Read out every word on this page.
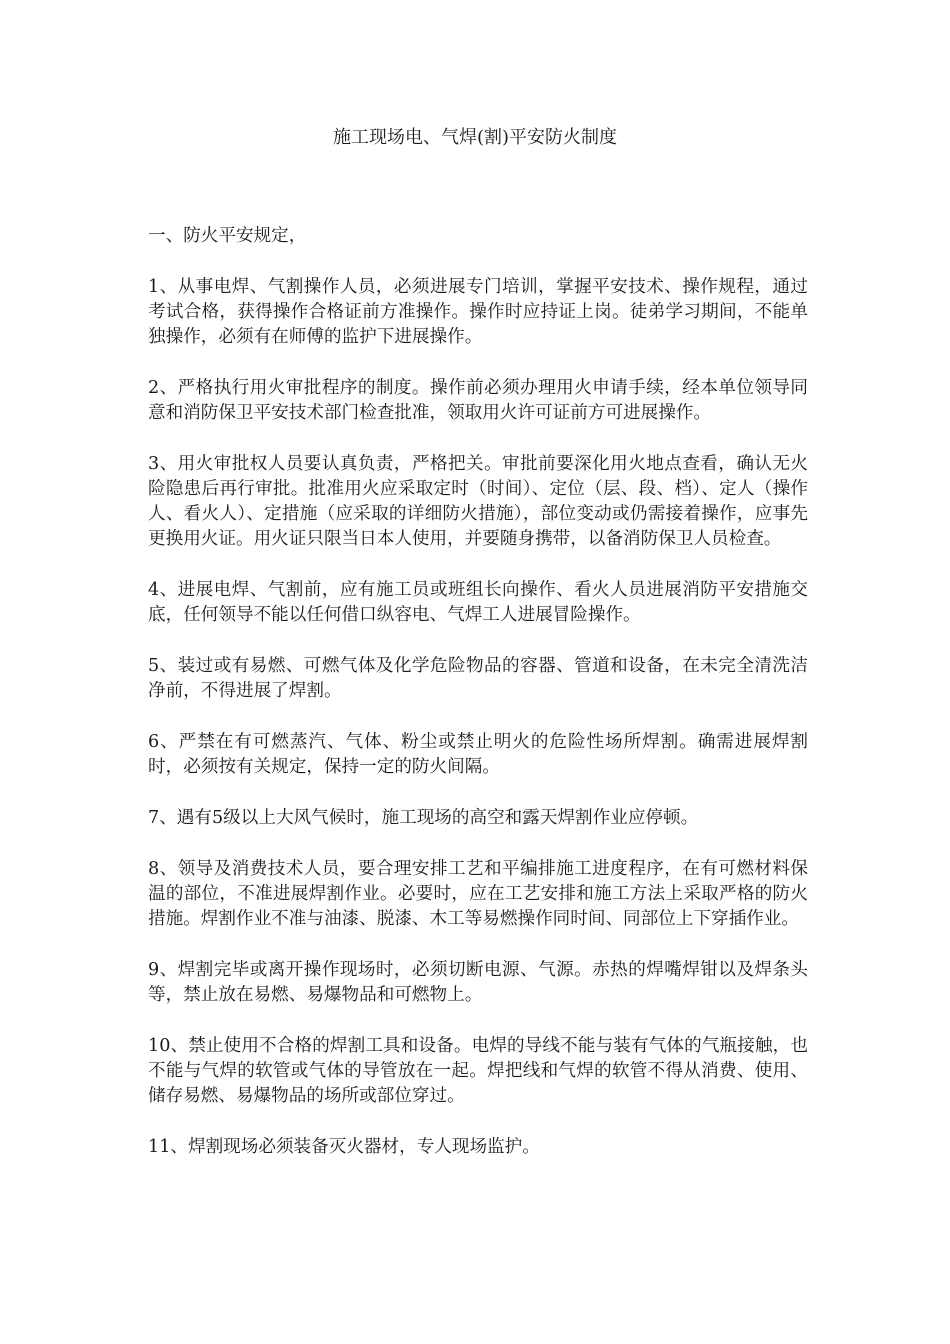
施工现场电、气焊(割)平安防火制度

一、防火平安规定，

1、从事电焊、气割操作人员，必须进展专门培训，掌握平安技术、操作规程，通过考试合格，获得操作合格证前方准操作。操作时应持证上岗。徒弟学习期间，不能单独操作，必须有在师傅的监护下进展操作。

2、严格执行用火审批程序的制度。操作前必须办理用火申请手续，经本单位领导同意和消防保卫平安技术部门检查批准，领取用火许可证前方可进展操作。

3、用火审批权人员要认真负责，严格把关。审批前要深化用火地点查看，确认无火险隐患后再行审批。批准用火应采取定时（时间）、定位（层、段、档）、定人（操作人、看火人）、定措施（应采取的详细防火措施），部位变动或仍需接着操作，应事先更换用火证。用火证只限当日本人使用，并要随身携带，以备消防保卫人员检查。

4、进展电焊、气割前，应有施工员或班组长向操作、看火人员进展消防平安措施交底，任何领导不能以任何借口纵容电、气焊工人进展冒险操作。

5、装过或有易燃、可燃气体及化学危险物品的容器、管道和设备，在未完全清洗洁净前，不得进展了焊割。

6、严禁在有可燃蒸汽、气体、粉尘或禁止明火的危险性场所焊割。确需进展焊割时，必须按有关规定，保持一定的防火间隔。

7、遇有5级以上大风气候时，施工现场的高空和露天焊割作业应停顿。

8、领导及消费技术人员，要合理安排工艺和平编排施工进度程序，在有可燃材料保温的部位，不准进展焊割作业。必要时，应在工艺安排和施工方法上采取严格的防火措施。焊割作业不准与油漆、脱漆、木工等易燃操作同时间、同部位上下穿插作业。

9、焊割完毕或离开操作现场时，必须切断电源、气源。赤热的焊嘴焊钳以及焊条头等，禁止放在易燃、易爆物品和可燃物上。

10、禁止使用不合格的焊割工具和设备。电焊的导线不能与装有气体的气瓶接触，也不能与气焊的软管或气体的导管放在一起。焊把线和气焊的软管不得从消费、使用、储存易燃、易爆物品的场所或部位穿过。

11、焊割现场必须装备灭火器材，专人现场监护。
